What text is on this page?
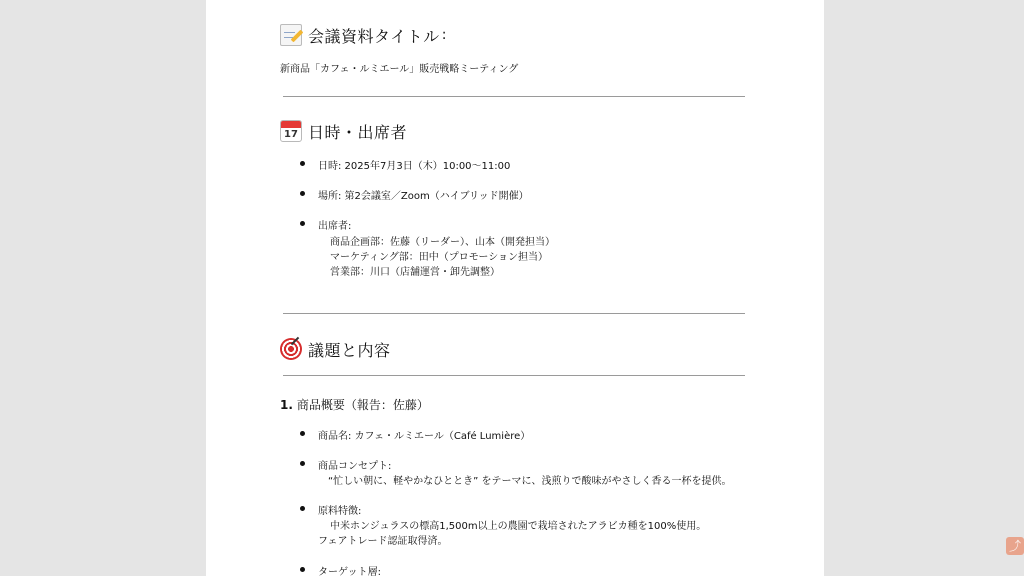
会議資料タイトル :
新商品「カフェ・ルミエール」販売戦略ミーティング
17 日時・出席者
日時: 2025年7月3日（木）10:00〜11:00
場所: 第2会議室／Zoom（ハイブリッド開催）
出席者:
商品企画部：佐藤（リーダー）、山本（開発担当）
マーケティング部：田中（プロモーション担当）
営業部：川口（店舗運営・卸先調整）
議題と内容
1. 商品概要（報告：佐藤）
商品名: カフェ・ルミエール（Café Lumière）
商品コンセプト:
“忙しい朝に、軽やかなひととき” をテーマに、浅煎りで酸味がやさしく香る一杯を提供。
原料特徴:
中米ホンジュラスの標高1,500m以上の農園で栽培されたアラビカ種を100%使用。
フェアトレード認証取得済。
ターゲット層:
⤴
